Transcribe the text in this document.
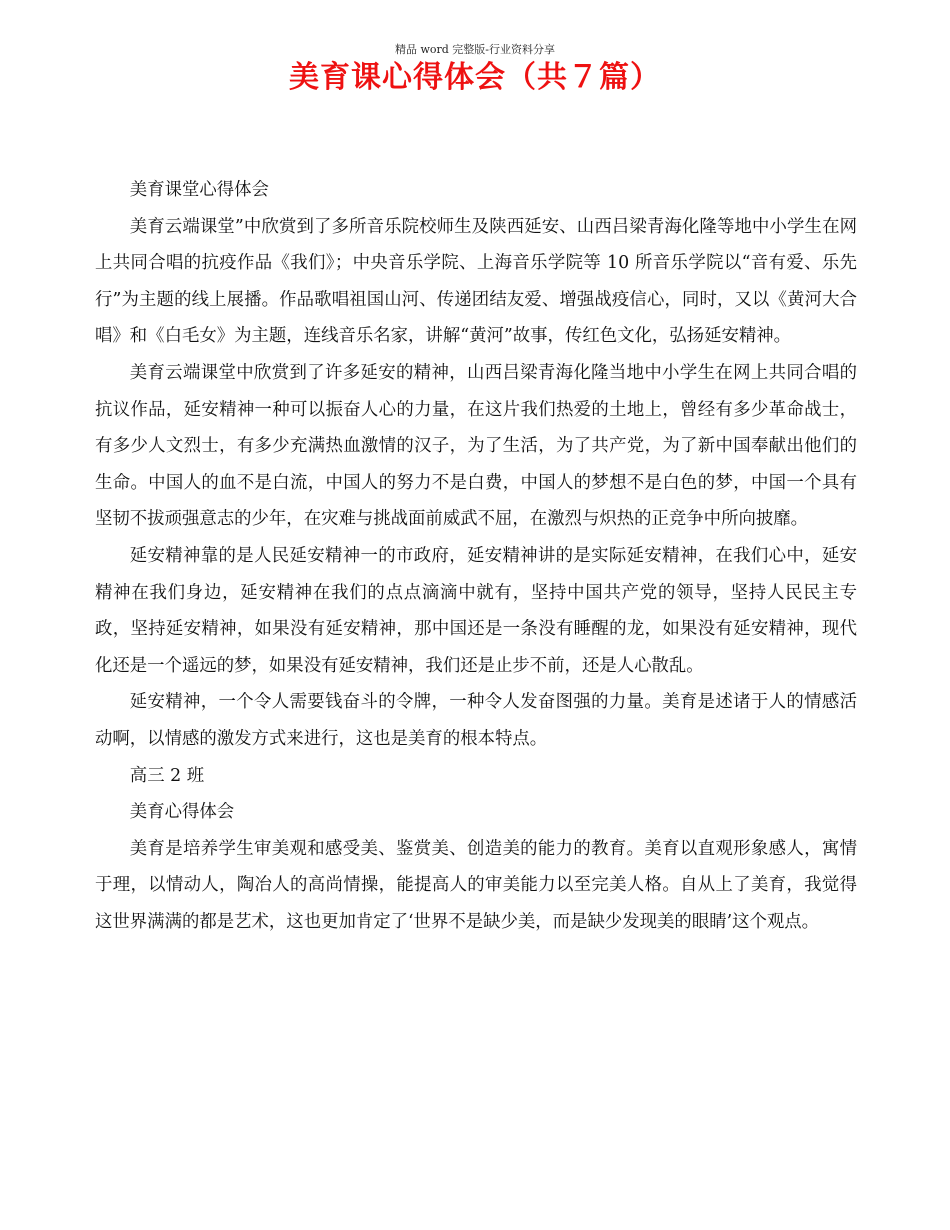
精品 word 完整版-行业资料分享
美育课心得体会（共７篇）

美育课堂心得体会

美育云端课堂”中欣赏到了多所音乐院校师生及陕西延安、山西吕梁青海化隆等地中小学生在网上共同合唱的抗疫作品《我们》；中央音乐学院、上海音乐学院等 10 所音乐学院以“音有爱、乐先行”为主题的线上展播。作品歌唱祖国山河、传递团结友爱、增强战疫信心，同时，又以《黄河大合唱》和《白毛女》为主题，连线音乐名家，讲解“黄河”故事，传红色文化，弘扬延安精神。

美育云端课堂中欣赏到了许多延安的精神，山西吕梁青海化隆当地中小学生在网上共同合唱的抗议作品，延安精神一种可以振奋人心的力量，在这片我们热爱的土地上，曾经有多少革命战士，有多少人文烈士，有多少充满热血激情的汉子，为了生活，为了共产党，为了新中国奉献出他们的生命。中国人的血不是白流，中国人的努力不是白费，中国人的梦想不是白色的梦，中国一个具有坚韧不拔顽强意志的少年，在灾难与挑战面前威武不屈，在激烈与炽热的正竞争中所向披靡。

延安精神靠的是人民延安精神一的市政府，延安精神讲的是实际延安精神，在我们心中，延安精神在我们身边，延安精神在我们的点点滴滴中就有，坚持中国共产党的领导，坚持人民民主专政，坚持延安精神，如果没有延安精神，那中国还是一条没有睡醒的龙，如果没有延安精神，现代化还是一个遥远的梦，如果没有延安精神，我们还是止步不前，还是人心散乱。

延安精神，一个令人需要钱奋斗的令牌，一种令人发奋图强的力量。美育是述诸于人的情感活动啊，以情感的激发方式来进行，这也是美育的根本特点。

高三 2 班

美育心得体会

美育是培养学生审美观和感受美、鉴赏美、创造美的能力的教育。美育以直观形象感人，寓情于理，以情动人，陶冶人的高尚情操，能提高人的审美能力以至完美人格。自从上了美育，我觉得这世界满满的都是艺术，这也更加肯定了‘世界不是缺少美，而是缺少发现美的眼睛’这个观点。
